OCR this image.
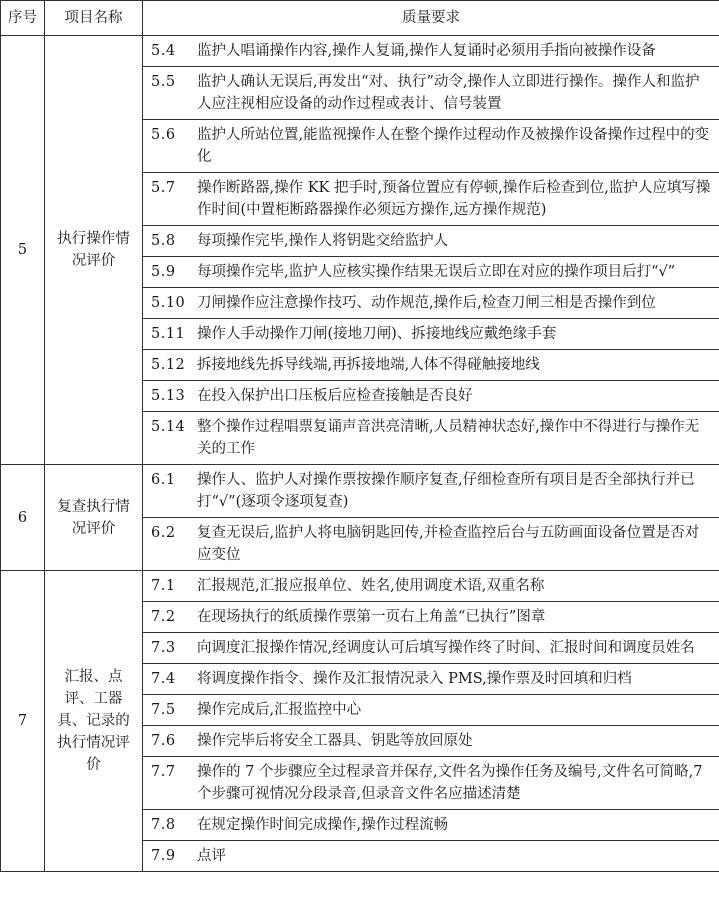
序号	项目名称	质量要求
5	执行操作情况评价	5.4 监护人唱诵操作内容,操作人复诵,操作人复诵时必须用手指向被操作设备

		5.5 监护人确认无误后,再发出“对、执行”动令,操作人立即进行操作。操作人和监护人应注视相应设备的动作过程或表计、信号装置

		5.6 监护人所站位置,能监视操作人在整个操作过程动作及被操作设备操作过程中的变化

		5.7 操作断路器,操作 KK 把手时,预备位置应有停顿,操作后检查到位,监护人应填写操作时间(中置柜断路器操作必须远方操作,远方操作规范)

		5.8 每项操作完毕,操作人将钥匙交给监护人

		5.9 每项操作完毕,监护人应核实操作结果无误后立即在对应的操作项目后打“√”

		5.10 刀闸操作应注意操作技巧、动作规范,操作后,检查刀闸三相是否操作到位

		5.11 操作人手动操作刀闸(接地刀闸)、拆接地线应戴绝缘手套

		5.12 拆接地线先拆导线端,再拆接地端,人体不得碰触接地线

		5.13 在投入保护出口压板后应检查接触是否良好

		5.14 整个操作过程唱票复诵声音洪亮清晰,人员精神状态好,操作中不得进行与操作无关的工作

6	复查执行情况评价	6.1 操作人、监护人对操作票按操作顺序复查,仔细检查所有项目是否全部执行并已打“√”(逐项令逐项复查)

		6.2 复查无误后,监护人将电脑钥匙回传,并检查监控后台与五防画面设备位置是否对应变位

7	汇报、点评、工器具、记录的执行情况评价	7.1 汇报规范,汇报应报单位、姓名,使用调度术语,双重名称

		7.2 在现场执行的纸质操作票第一页右上角盖“已执行”图章

		7.3 向调度汇报操作情况,经调度认可后填写操作终了时间、汇报时间和调度员姓名

		7.4 将调度操作指令、操作及汇报情况录入 PMS,操作票及时回填和归档

		7.5 操作完成后,汇报监控中心

		7.6 操作完毕后将安全工器具、钥匙等放回原处

		7.7 操作的 7 个步骤应全过程录音并保存,文件名为操作任务及编号,文件名可简略,7 个步骤可视情况分段录音,但录音文件名应描述清楚

		7.8 在规定操作时间完成操作,操作过程流畅

		7.9 点评
